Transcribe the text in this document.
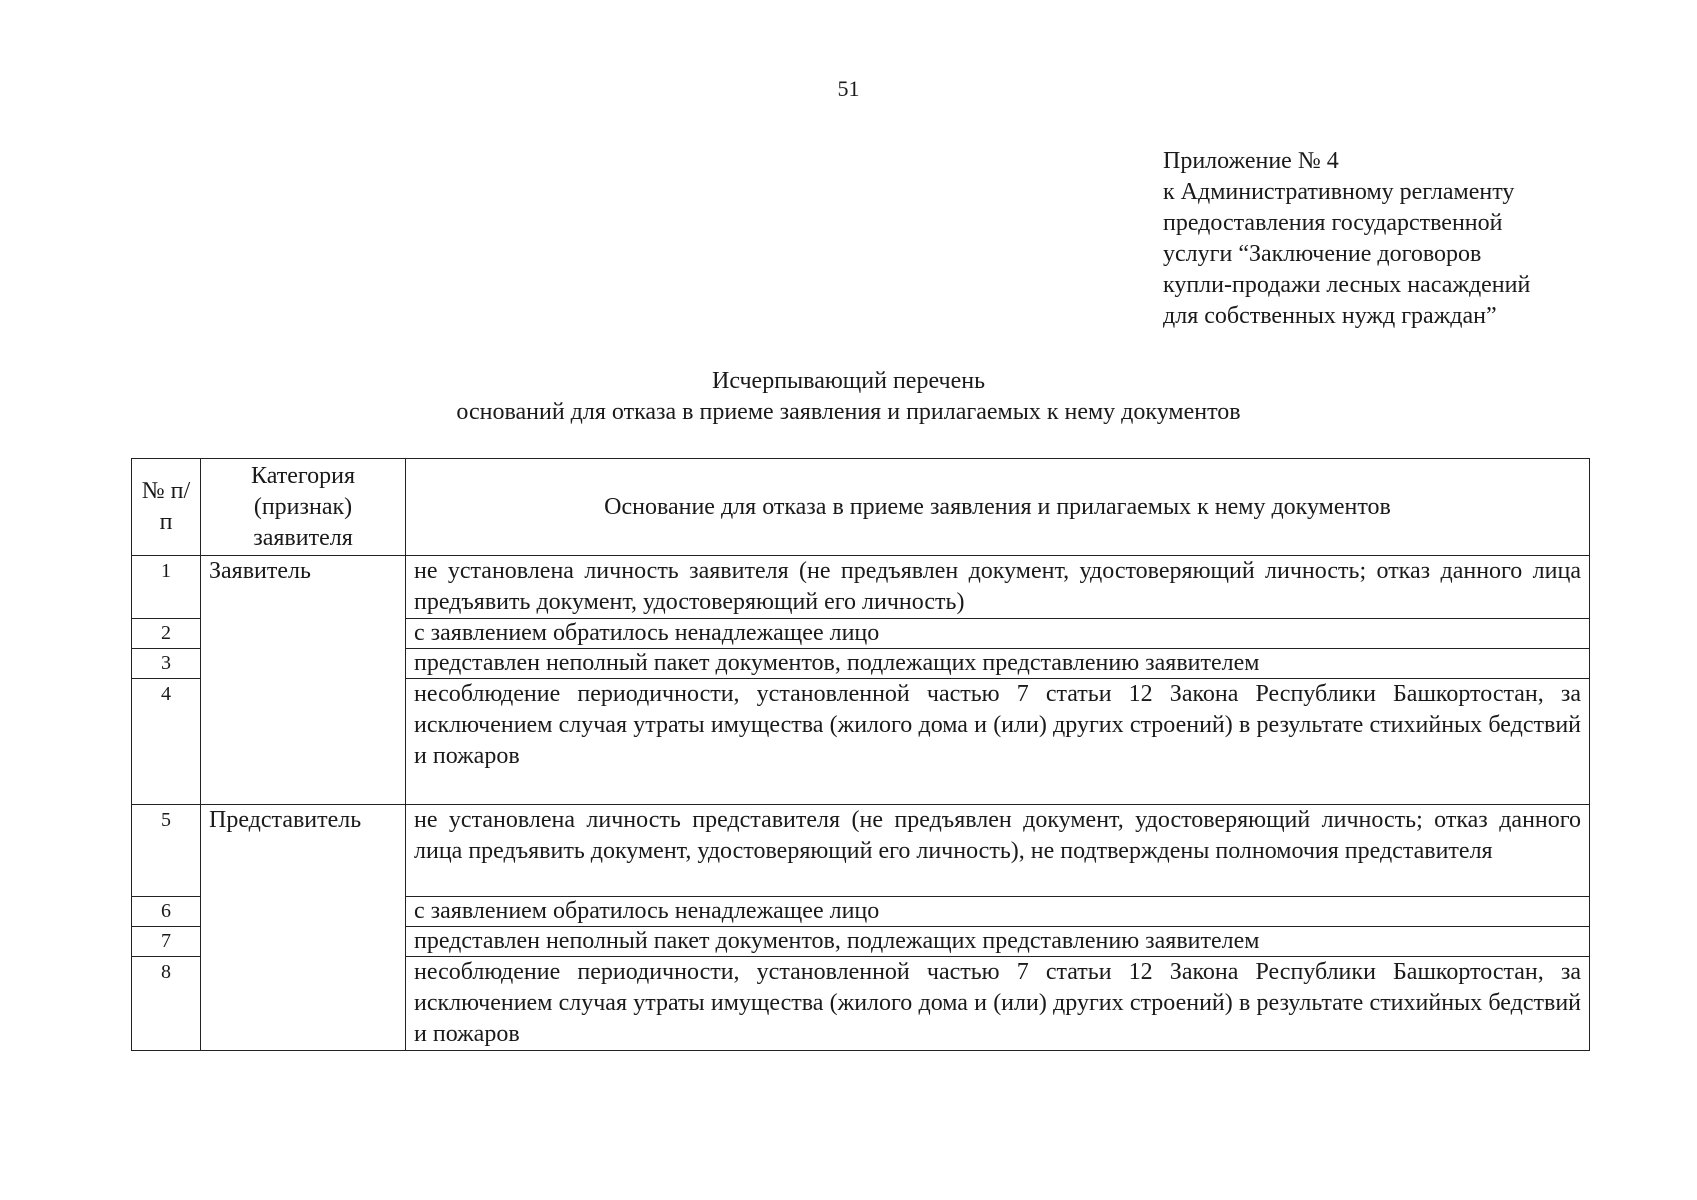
51
Приложение № 4
к Административному регламенту
предоставления государственной
услуги “Заключение договоров
купли-продажи лесных насаждений
для собственных нужд граждан”
Исчерпывающий перечень
оснований для отказа в приеме заявления и прилагаемых к нему документов
№ п/п	Категория (признак) заявителя	Основание для отказа в приеме заявления и прилагаемых к нему документов
1	Заявитель	не установлена личность заявителя (не предъявлен документ, удостоверяющий личность; отказ данного лица предъявить документ, удостоверяющий его личность)
2		с заявлением обратилось ненадлежащее лицо
3		представлен неполный пакет документов, подлежащих представлению заявителем
4		несоблюдение периодичности, установленной частью 7 статьи 12 Закона Республики Башкортостан, за исключением случая утраты имущества (жилого дома и (или) других строений) в результате стихийных бедствий и пожаров
5	Представитель	не установлена личность представителя (не предъявлен документ, удостоверяющий личность; отказ данного лица предъявить документ, удостоверяющий его личность), не подтверждены полномочия представителя
6		с заявлением обратилось ненадлежащее лицо
7		представлен неполный пакет документов, подлежащих представлению заявителем
8		несоблюдение периодичности, установленной частью 7 статьи 12 Закона Республики Башкортостан, за исключением случая утраты имущества (жилого дома и (или) других строений) в результате стихийных бедствий и пожаров
